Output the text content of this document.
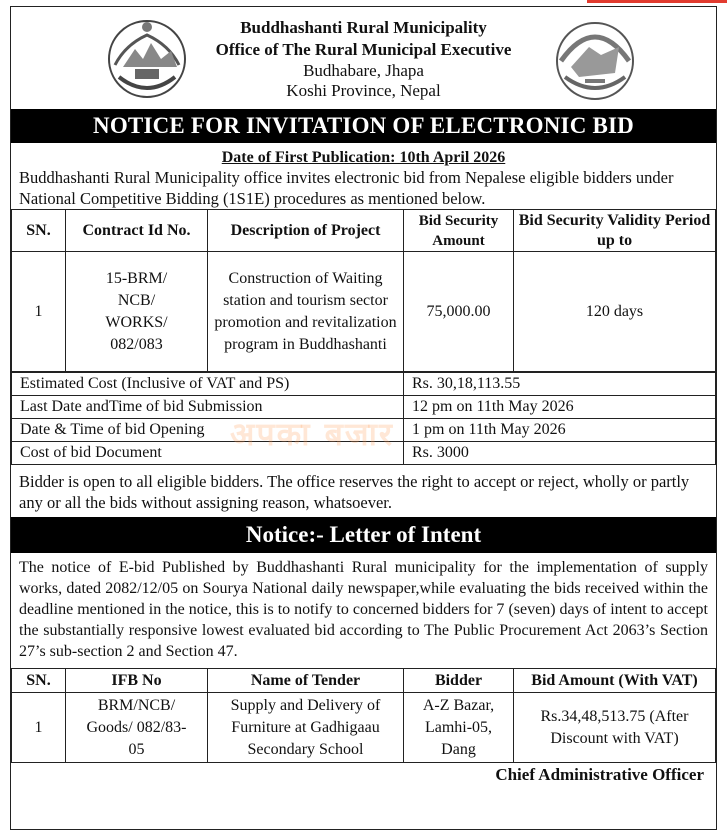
Buddhashanti Rural Municipality
Office of The Rural Municipal Executive
Budhabare, Jhapa
Koshi Province, Nepal
NOTICE FOR INVITATION OF ELECTRONIC BID
Date of First Publication: 10th April 2026
Buddhashanti Rural Municipality office invites electronic bid from Nepalese eligible bidders under National Competitive Bidding (1S1E) procedures as mentioned below.
SN.	Contract Id No.	Description of Project	Bid Security Amount	Bid Security Validity Period up to
1	15-BRM/ NCB/ WORKS/ 082/083	Construction of Waiting station and tourism sector promotion and revitalization program in Buddhashanti	75,000.00	120 days
Estimated Cost (Inclusive of VAT and PS)	Rs. 30,18,113.55
Last Date andTime of bid Submission	12 pm on 11th May 2026
Date & Time of bid Opening	1 pm on 11th May 2026
Cost of bid Document	Rs. 3000
Bidder is open to all eligible bidders. The office reserves the right to accept or reject, wholly or partly any or all the bids without assigning reason, whatsoever.
Notice:- Letter of Intent
The notice of E-bid Published by Buddhashanti Rural municipality for the implementation of supply works, dated 2082/12/05 on Sourya National daily newspaper,while evaluating the bids received within the deadline mentioned in the notice, this is to notify to concerned bidders for 7 (seven) days of intent to accept the substantially responsive lowest evaluated bid according to The Public Procurement Act 2063’s Section 27’s sub-section 2 and Section 47.
SN.	IFB No	Name of Tender	Bidder	Bid Amount (With VAT)
1	BRM/NCB/ Goods/ 082/83-05	Supply and Delivery of Furniture at Gadhigaau Secondary School	A-Z Bazar, Lamhi-05, Dang	Rs.34,48,513.75 (After Discount with VAT)
Chief Administrative Officer
अपका बजार
